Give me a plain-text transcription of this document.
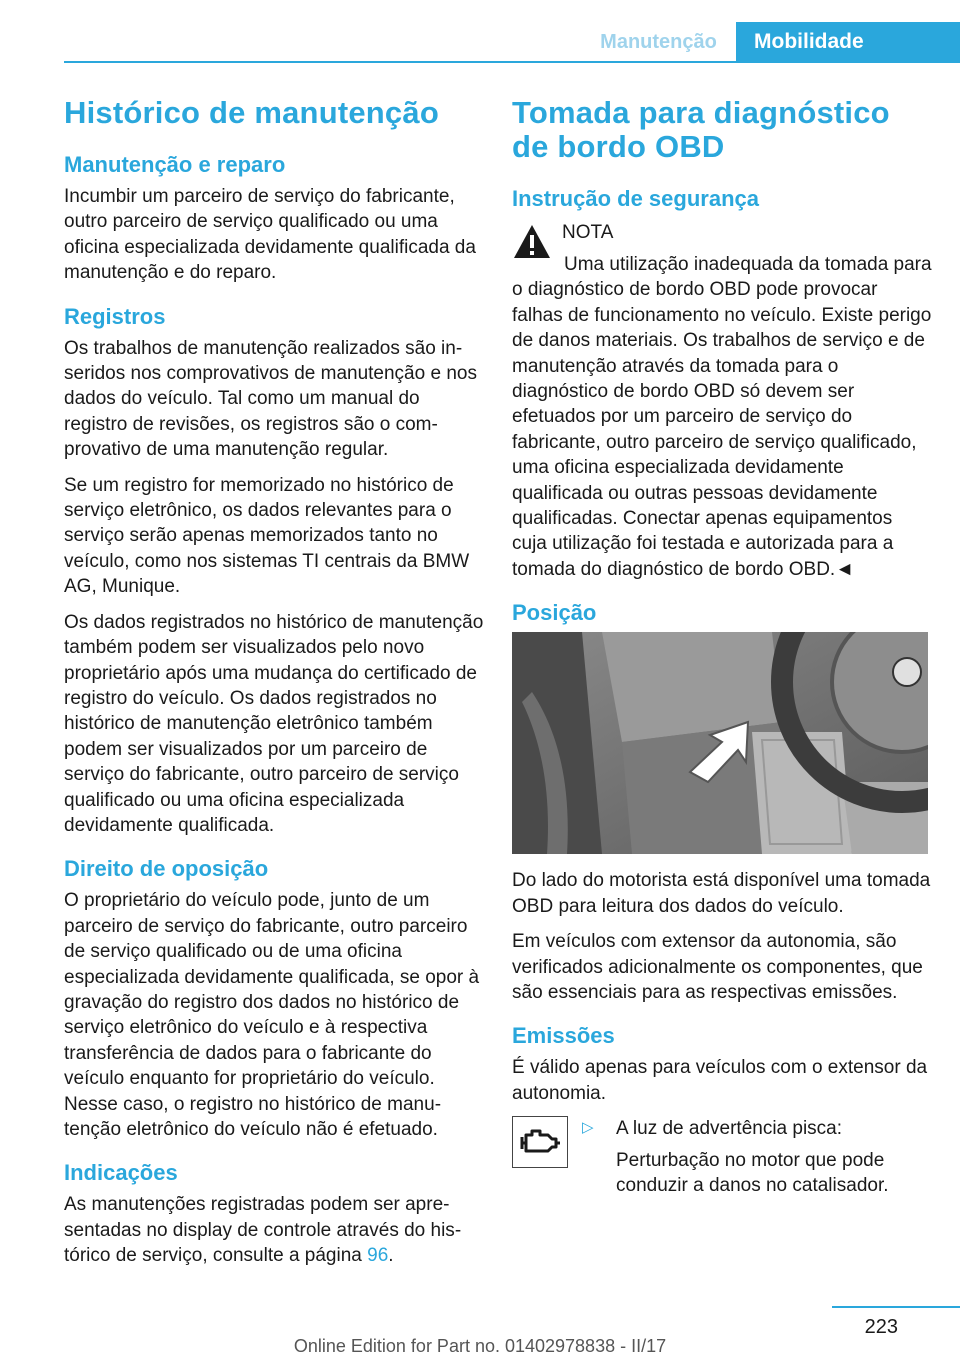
Manutenção	Mobilidade
Histórico de manutenção
Manutenção e reparo

Incumbir um parceiro de serviço do fabricante, outro parceiro de serviço qualificado ou uma oficina especializada devidamente qualificada da manutenção e do reparo.

Registros

Os trabalhos de manutenção realizados são inseridos nos comprovativos de manutenção e nos dados do veículo. Tal como um manual do registro de revisões, os registros são o comprovativo de uma manutenção regular.

Se um registro for memorizado no histórico de serviço eletrônico, os dados relevantes para o serviço serão apenas memorizados tanto no veículo, como nos sistemas TI centrais da BMW AG, Munique.

Os dados registrados no histórico de manutenção também podem ser visualizados pelo novo proprietário após uma mudança do certificado de registro do veículo. Os dados registrados no histórico de manutenção eletrônico também podem ser visualizados por um parceiro de serviço do fabricante, outro parceiro de serviço qualificado ou uma oficina especializada devidamente qualificada.

Direito de oposição

O proprietário do veículo pode, junto de um parceiro de serviço do fabricante, outro parceiro de serviço qualificado ou de uma oficina especializada devidamente qualificada, se opor à gravação do registro dos dados no histórico de serviço eletrônico do veículo e à respectiva transferência de dados para o fabricante do veículo enquanto for proprietário do veículo. Nesse caso, o registro no histórico de manutenção eletrônico do veículo não é efetuado.

Indicações

As manutenções registradas podem ser apresentadas no display de controle através do histórico de serviço, consulte a página 96.

Tomada para diagnóstico de bordo OBD
Instrução de segurança
NOTA

Uma utilização inadequada da tomada para o diagnóstico de bordo OBD pode provocar falhas de funcionamento no veículo. Existe perigo de danos materiais. Os trabalhos de serviço e de manutenção através da tomada para o diagnóstico de bordo OBD só devem ser efetuados por um parceiro de serviço do fabricante, outro parceiro de serviço qualificado, uma oficina especializada devidamente qualificada ou outras pessoas devidamente qualificadas. Conectar apenas equipamentos cuja utilização foi testada e autorizada para a tomada do diagnóstico de bordo OBD.◄

Posição

Do lado do motorista está disponível uma tomada OBD para leitura dos dados do veículo.

Em veículos com extensor da autonomia, são verificados adicionalmente os componentes, que são essenciais para as respectivas emissões.

Emissões

É válido apenas para veículos com o extensor da autonomia.

▷ A luz de advertência pisca:

Perturbação no motor que pode conduzir a danos no catalisador.

223
Online Edition for Part no. 01402978838 - II/17
